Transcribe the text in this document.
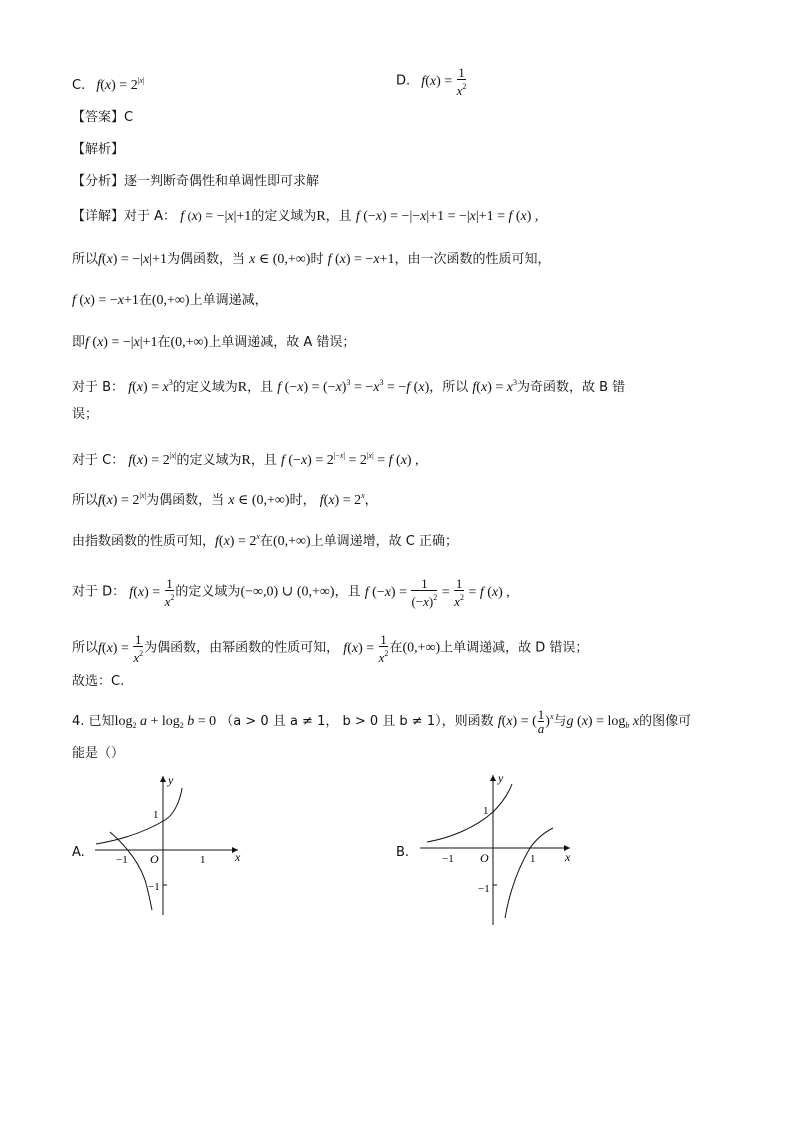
C. $f(x) = 2^{|x|}$	D. $f(x) = \frac{1}{x^2}$
【答案】C
【解析】
【分析】逐一判断奇偶性和单调性即可求解
【详解】对于 A： f (x) = −|x|+1的定义域为R，且 f (−x) = −|−x|+1 = −|x|+1 = f (x) ,
所以f(x) = −|x|+1为偶函数，当 x ∈ (0,+∞)时 f (x) = −x+1，由一次函数的性质可知，
f (x) = −x+1在(0,+∞)上单调递减，
即f (x) = −|x|+1在(0,+∞)上单调递减，故 A 错误；
对于 B： $f(x) = x^3$的定义域为R，且 f $(-x) = (-x)^3 = -x^3 = -f$ (x)，所以 $f(x) = x^3$为奇函数，故 B 错
误；
对于 C： $f(x) = 2^{|x|}$的定义域为R，且 f $(-x) = 2^{|-x|} = 2^{|x|} = f$ (x) ,
所以$f(x) = 2^{|x|}$为偶函数，当 x ∈ (0,+∞)时， $f(x) = 2^x$，
由指数函数的性质可知，$f(x) = 2^x$在(0,+∞)上单调递增，故 C 正确；
对于 D： $f(x) = \frac{1}{x^2}$ 的定义域为(−∞,0) ∪ (0,+∞)，且 f $(-x) = \frac{1}{(-x)^2} = \frac{1}{x^2} = f$ (x) ,
所以$f(x) = \frac{1}{x^2}$ 为偶函数，由幂函数的性质可知， $f(x) = \frac{1}{x^2}$ 在(0,+∞)上单调递减，故 D 错误；
故选：C.
4. 已知$\log_2 a + \log_2 b = 0$ （a > 0 且 a ≠ 1， b > 0 且 b ≠ 1），则函数 f(x) = ( $\frac{1}{a} )^x$与g $(x) = \log_b x$的图像可
能是（）
A.	x
y
O
−1	1
1
−1
B.	x
y
O
−1	1
1
−1
